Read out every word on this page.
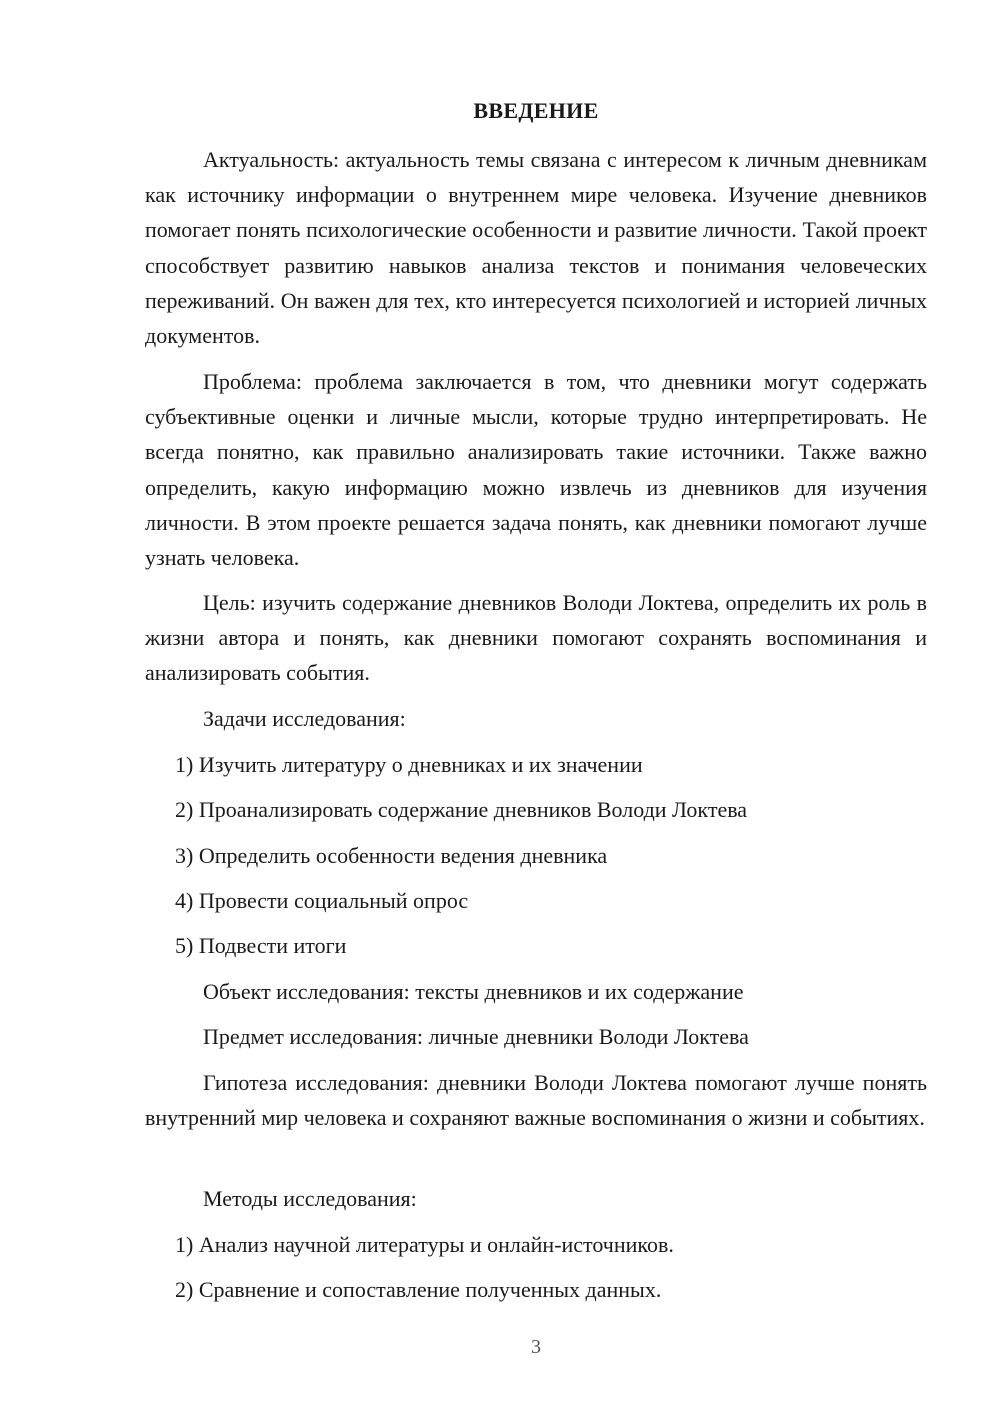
ВВЕДЕНИЕ

Актуальность: актуальность темы связана с интересом к личным дневникам как источнику информации о внутреннем мире человека. Изучение дневников помогает понять психологические особенности и развитие личности. Такой проект способствует развитию навыков анализа текстов и понимания человеческих переживаний. Он важен для тех, кто интересуется психологией и историей личных документов.

Проблема: проблема заключается в том, что дневники могут содержать субъективные оценки и личные мысли, которые трудно интерпретировать. Не всегда понятно, как правильно анализировать такие источники. Также важно определить, какую информацию можно извлечь из дневников для изучения личности. В этом проекте решается задача понять, как дневники помогают лучше узнать человека.

Цель: изучить содержание дневников Володи Локтева, определить их роль в жизни автора и понять, как дневники помогают сохранять воспоминания и анализировать события.

Задачи исследования:

1) Изучить литературу о дневниках и их значении

2) Проанализировать содержание дневников Володи Локтева

3) Определить особенности ведения дневника

4) Провести социальный опрос

5) Подвести итоги

Объект исследования: тексты дневников и их содержание

Предмет исследования: личные дневники Володи Локтева

Гипотеза исследования: дневники Володи Локтева помогают лучше понять внутренний мир человека и сохраняют важные воспоминания о жизни и событиях.

Методы исследования:

1) Анализ научной литературы и онлайн-источников.

2) Сравнение и сопоставление полученных данных.

3
